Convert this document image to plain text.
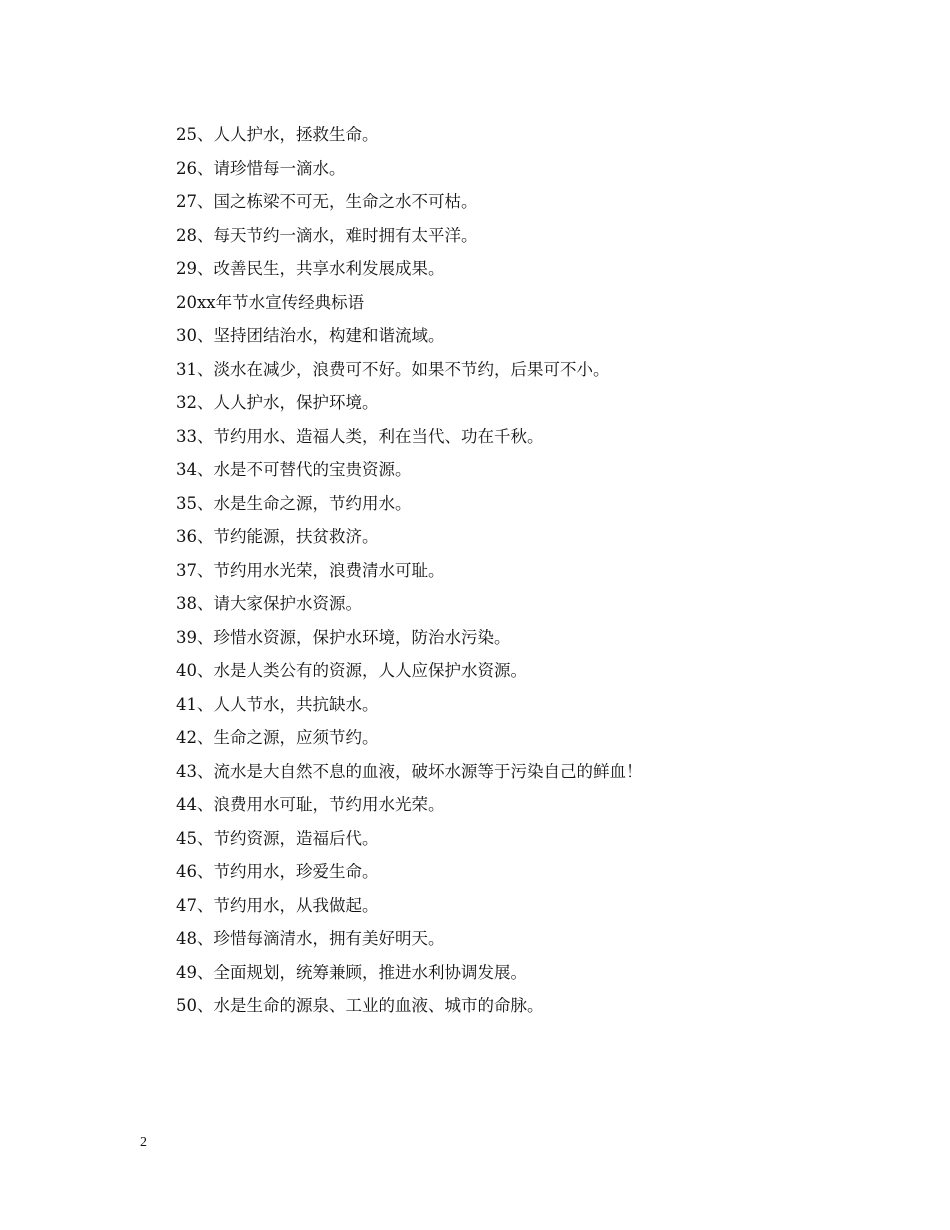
25、人人护水，拯救生命。
26、请珍惜每一滴水。
27、国之栋梁不可无，生命之水不可枯。
28、每天节约一滴水，难时拥有太平洋。
29、改善民生，共享水利发展成果。
20xx年节水宣传经典标语
30、坚持团结治水，构建和谐流域。
31、淡水在减少，浪费可不好。如果不节约，后果可不小。
32、人人护水，保护环境。
33、节约用水、造福人类，利在当代、功在千秋。
34、水是不可替代的宝贵资源。
35、水是生命之源，节约用水。
36、节约能源，扶贫救济。
37、节约用水光荣，浪费清水可耻。
38、请大家保护水资源。
39、珍惜水资源，保护水环境，防治水污染。
40、水是人类公有的资源，人人应保护水资源。
41、人人节水，共抗缺水。
42、生命之源，应须节约。
43、流水是大自然不息的血液，破坏水源等于污染自己的鲜血！
44、浪费用水可耻，节约用水光荣。
45、节约资源，造福后代。
46、节约用水，珍爱生命。
47、节约用水，从我做起。
48、珍惜每滴清水，拥有美好明天。
49、全面规划，统筹兼顾，推进水利协调发展。
50、水是生命的源泉、工业的血液、城市的命脉。
2
